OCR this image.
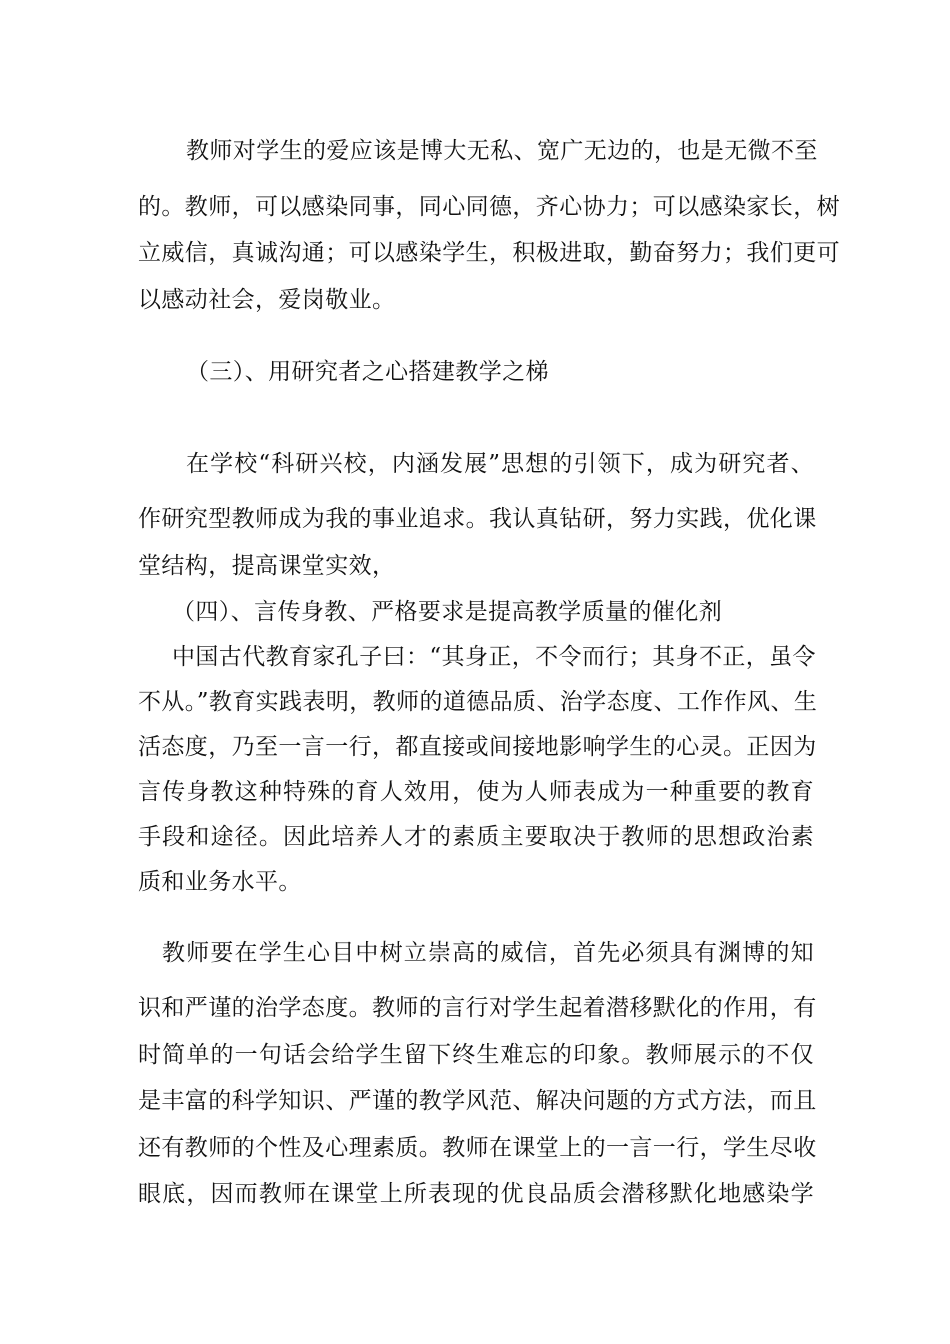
教师对学生的爱应该是博大无私、宽广无边的，也是无微不至
的。教师，可以感染同事，同心同德，齐心协力；可以感染家长，树
立威信，真诚沟通；可以感染学生，积极进取，勤奋努力；我们更可
以感动社会，爱岗敬业。
（三）、用研究者之心搭建教学之梯
在学校“科研兴校，内涵发展”思想的引领下，成为研究者、
作研究型教师成为我的事业追求。我认真钻研，努力实践，优化课
堂结构，提高课堂实效，
（四）、言传身教、严格要求是提高教学质量的催化剂
中国古代教育家孔子曰：“其身正，不令而行；其身不正，虽令
不从。”教育实践表明，教师的道德品质、治学态度、工作作风、生
活态度，乃至一言一行，都直接或间接地影响学生的心灵。正因为
言传身教这种特殊的育人效用，使为人师表成为一种重要的教育
手段和途径。因此培养人才的素质主要取决于教师的思想政治素
质和业务水平。
教师要在学生心目中树立崇高的威信，首先必须具有渊博的知
识和严谨的治学态度。教师的言行对学生起着潜移默化的作用，有
时简单的一句话会给学生留下终生难忘的印象。教师展示的不仅
是丰富的科学知识、严谨的教学风范、解决问题的方式方法，而且
还有教师的个性及心理素质。教师在课堂上的一言一行，学生尽收
眼底，因而教师在课堂上所表现的优良品质会潜移默化地感染学
